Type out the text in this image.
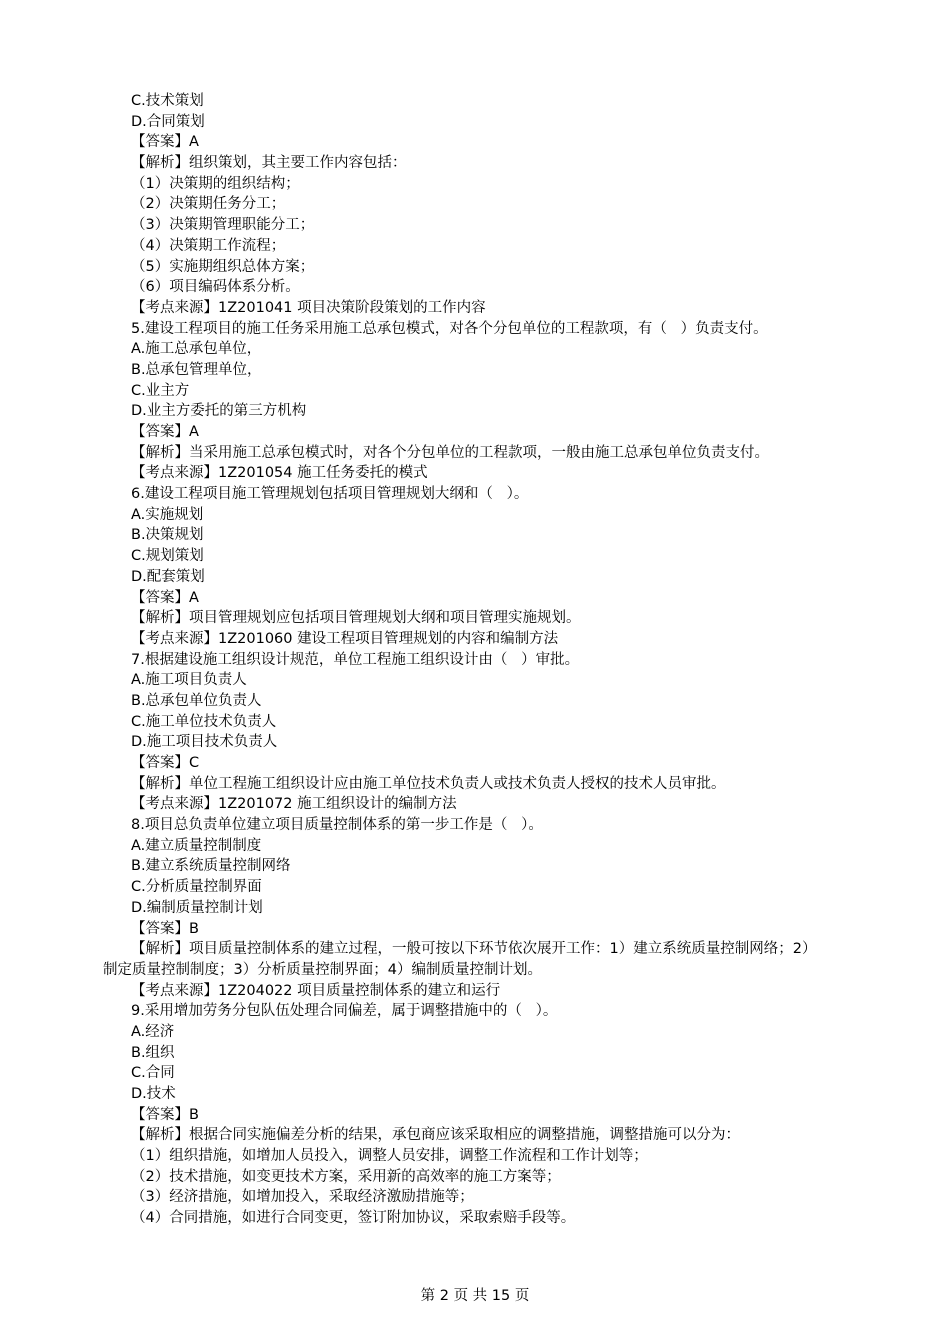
C.技术策划
D.合同策划
【答案】A
【解析】组织策划，其主要工作内容包括：
（1）决策期的组织结构；
（2）决策期任务分工；
（3）决策期管理职能分工；
（4）决策期工作流程；
（5）实施期组织总体方案；
（6）项目编码体系分析。
【考点来源】1Z201041 项目决策阶段策划的工作内容
5.建设工程项目的施工任务采用施工总承包模式，对各个分包单位的工程款项，有（   ）负责支付。
A.施工总承包单位，
B.总承包管理单位，
C.业主方
D.业主方委托的第三方机构
【答案】A
【解析】当采用施工总承包模式时，对各个分包单位的工程款项，一般由施工总承包单位负责支付。
【考点来源】1Z201054 施工任务委托的模式
6.建设工程项目施工管理规划包括项目管理规划大纲和（   ）。
A.实施规划
B.决策规划
C.规划策划
D.配套策划
【答案】A
【解析】项目管理规划应包括项目管理规划大纲和项目管理实施规划。
【考点来源】1Z201060 建设工程项目管理规划的内容和编制方法
7.根据建设施工组织设计规范，单位工程施工组织设计由（   ）审批。
A.施工项目负责人
B.总承包单位负责人
C.施工单位技术负责人
D.施工项目技术负责人
【答案】C
【解析】单位工程施工组织设计应由施工单位技术负责人或技术负责人授权的技术人员审批。
【考点来源】1Z201072 施工组织设计的编制方法
8.项目总负责单位建立项目质量控制体系的第一步工作是（   ）。
A.建立质量控制制度
B.建立系统质量控制网络
C.分析质量控制界面
D.编制质量控制计划
【答案】B
【解析】项目质量控制体系的建立过程，一般可按以下环节依次展开工作：1）建立系统质量控制网络；2）
制定质量控制制度；3）分析质量控制界面；4）编制质量控制计划。
【考点来源】1Z204022 项目质量控制体系的建立和运行
9.采用增加劳务分包队伍处理合同偏差，属于调整措施中的（   ）。
A.经济
B.组织
C.合同
D.技术
【答案】B
【解析】根据合同实施偏差分析的结果，承包商应该采取相应的调整措施，调整措施可以分为：
（1）组织措施，如增加人员投入，调整人员安排，调整工作流程和工作计划等；
（2）技术措施，如变更技术方案，采用新的高效率的施工方案等；
（3）经济措施，如增加投入，采取经济激励措施等；
（4）合同措施，如进行合同变更，签订附加协议，采取索赔手段等。
第 2 页 共 15 页
